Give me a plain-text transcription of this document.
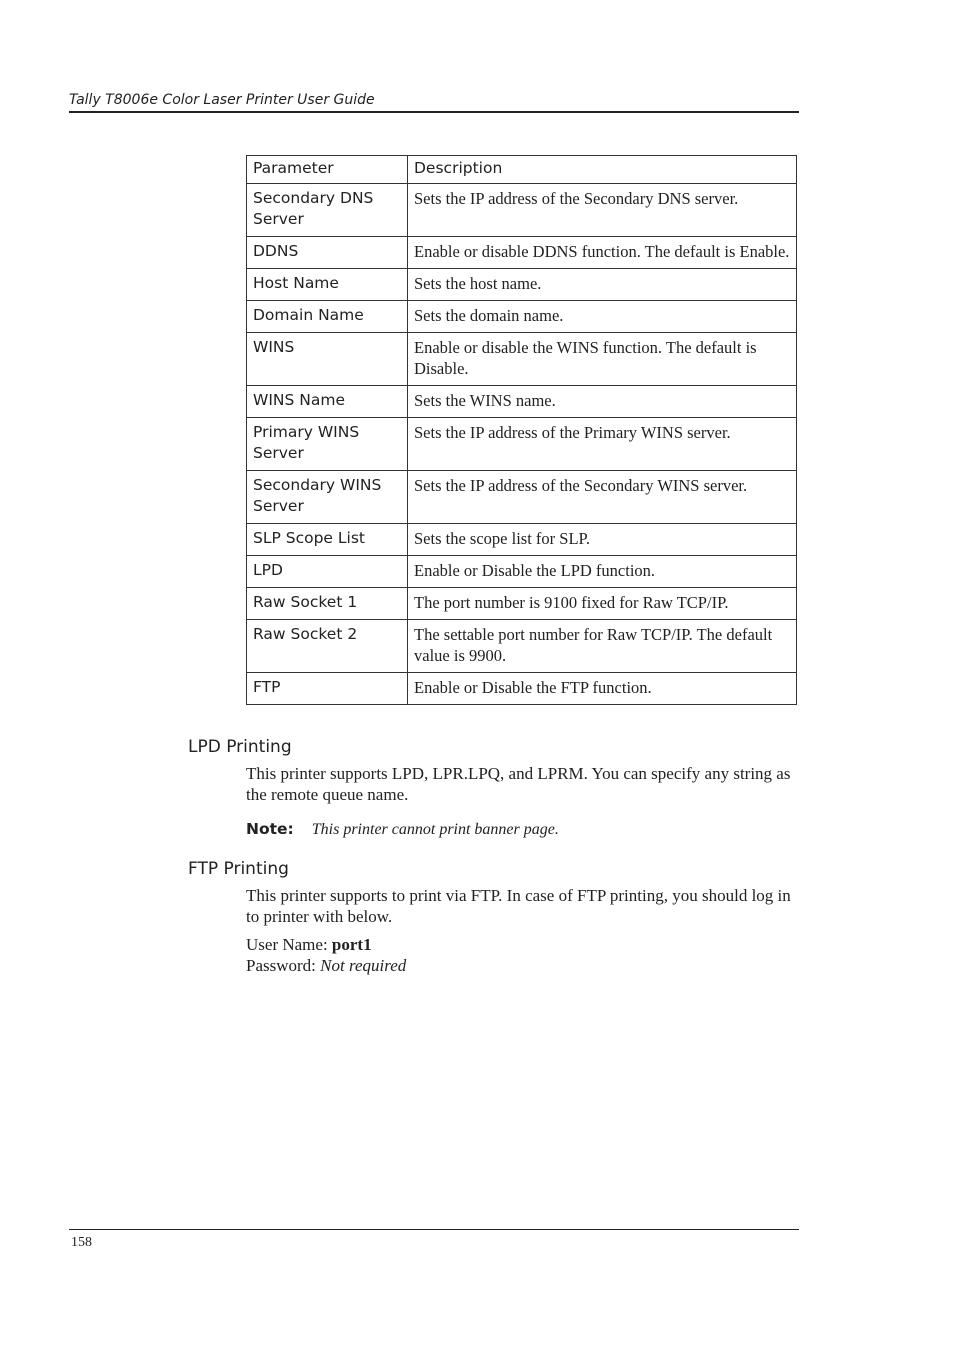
Tally T8006e Color Laser Printer User Guide
Parameter	Description
Secondary DNS Server	Sets the IP address of the Secondary DNS server.
DDNS	Enable or disable DDNS function. The default is Enable.
Host Name	Sets the host name.
Domain Name	Sets the domain name.
WINS	Enable or disable the WINS function. The default is Disable.
WINS Name	Sets the WINS name.
Primary WINS Server	Sets the IP address of the Primary WINS server.
Secondary WINS Server	Sets the IP address of the Secondary WINS server.
SLP Scope List	Sets the scope list for SLP.
LPD	Enable or Disable the LPD function.
Raw Socket 1	The port number is 9100 fixed for Raw TCP/IP.
Raw Socket 2	The settable port number for Raw TCP/IP. The default value is 9900.
FTP	Enable or Disable the FTP function.
LPD Printing
This printer supports LPD, LPR.LPQ, and LPRM. You can specify any string as the remote queue name.
Note: This printer cannot print banner page.
FTP Printing
This printer supports to print via FTP. In case of FTP printing, you should log in to printer with below.
User Name: port1
Password: Not required
158
